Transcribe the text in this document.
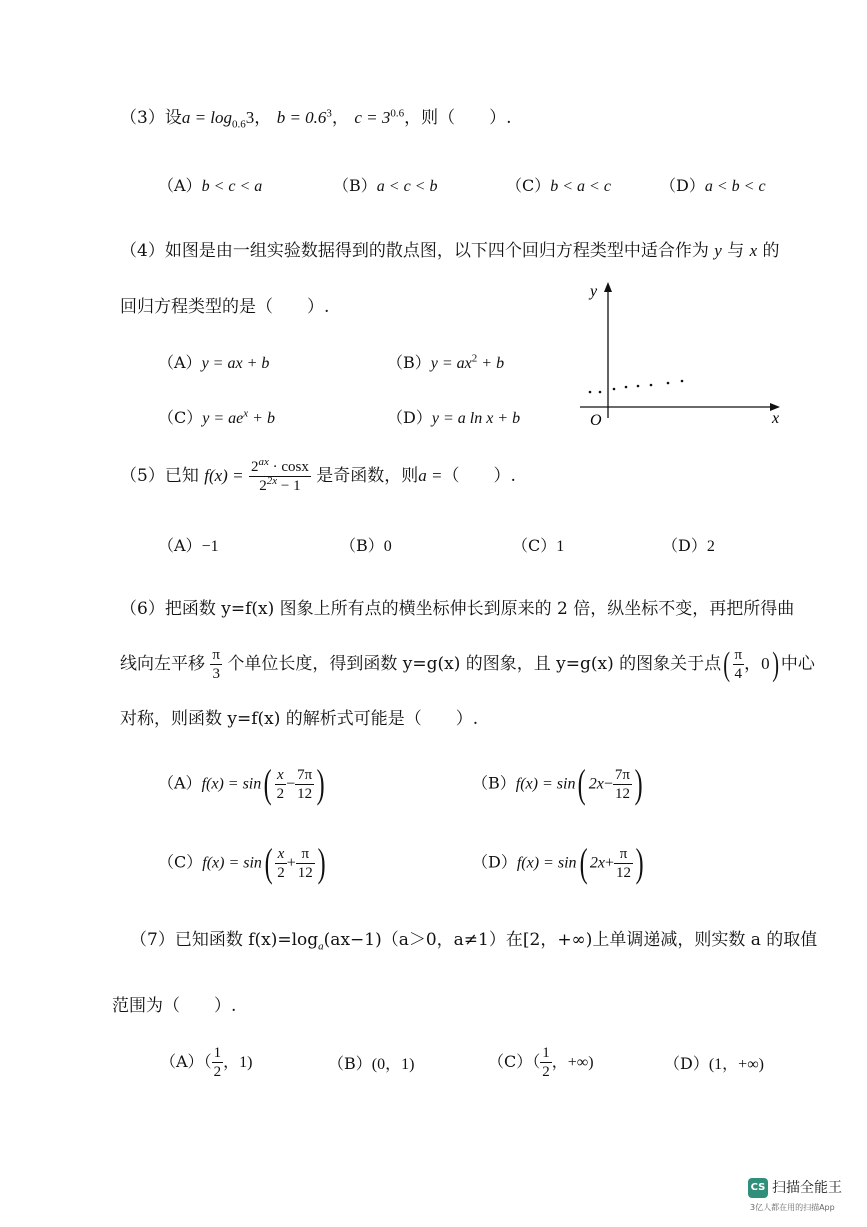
（3）设$a = \log_{0.6}3$， $b = 0.6^3$， $c = 3^{0.6}$，则（　　）.
（A）b < c < a	（B）a < c < b	（C）b < a < c	（D）a < b < c
（4）如图是由一组实验数据得到的散点图，以下四个回归方程类型中适合作为 y 与 x 的
回归方程类型的是（　　）.
（A）y = ax + b	$(B)y = ax^2 + b$
$(C)y = ae^x + b$	（D）y = a ln x + b
y
x
O
（5）已知 $f(x) = \frac{2^{ax} \cdot \cos x}{2^{2x} - 1}$ 是奇函数，则a =（　　）.
（A）−1	（B）0	（C）1	（D）2
（6）把函数 y=f(x) 图象上所有点的横坐标伸长到原来的 2 倍，纵坐标不变，再把所得曲
线向左平移 $\frac{\pi}{3}$ 个单位长度，得到函数 y=g(x) 的图象，且 y=g(x) 的图象关于点( $\frac{\pi}{4}$ ，0) 中心
对称，则函数 y=f(x) 的解析式可能是（　　）.
$(A)f(x) = \sin( \frac{x}{2} - \frac{7\pi}{12}$ )	（B）f(x) = sin( $2x- \frac{7\pi}{12}$ )
$(C)f(x) = \sin( \frac{x}{2} + \frac{\pi}{12}$ )	（D）f(x) = sin( $2x+ \frac{\pi}{12}$ )
（7）已知函数 $f(x)=\log_a(ax-1)(a>0$，a≠1）在[2，+∞)上单调递减，则实数 a 的取值
范围为（　　）.
$(A)( \frac{1}{2}$ ，1)	（B）(0，1)	$(C)( \frac{1}{2}$ ，+∞)	（D）(1，+∞)
CS 扫描全能王
3亿人都在用的扫描App
